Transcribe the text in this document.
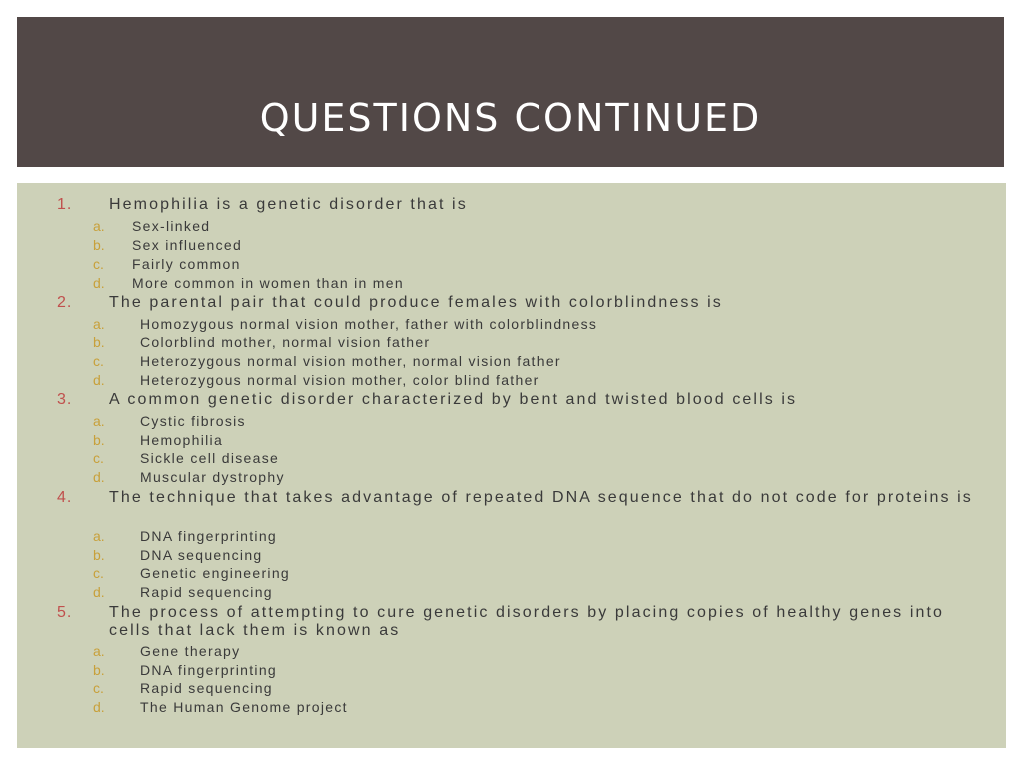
QUESTIONS CONTINUED
1.	Hemophilia is a genetic disorder that is
a.	Sex-linked
b.	Sex influenced
c.	Fairly common
d.	More common in women than in men
2.	The parental pair that could produce females with colorblindness is
a.	Homozygous normal vision mother, father with colorblindness
b.	Colorblind mother, normal vision father
c.	Heterozygous normal vision mother, normal vision father
d.	Heterozygous normal vision mother, color blind father
3.	A common genetic disorder characterized by bent and twisted blood cells is
a.	Cystic fibrosis
b.	Hemophilia
c.	Sickle cell disease
d.	Muscular dystrophy
4.	The technique that takes advantage of repeated DNA sequence that do not code for proteins is
a.	DNA fingerprinting
b.	DNA sequencing
c.	Genetic engineering
d.	Rapid sequencing
5.	The process of attempting to cure genetic disorders by placing copies of healthy genes into cells that lack them is known as
a.	Gene therapy
b.	DNA fingerprinting
c.	Rapid sequencing
d.	The Human Genome project
